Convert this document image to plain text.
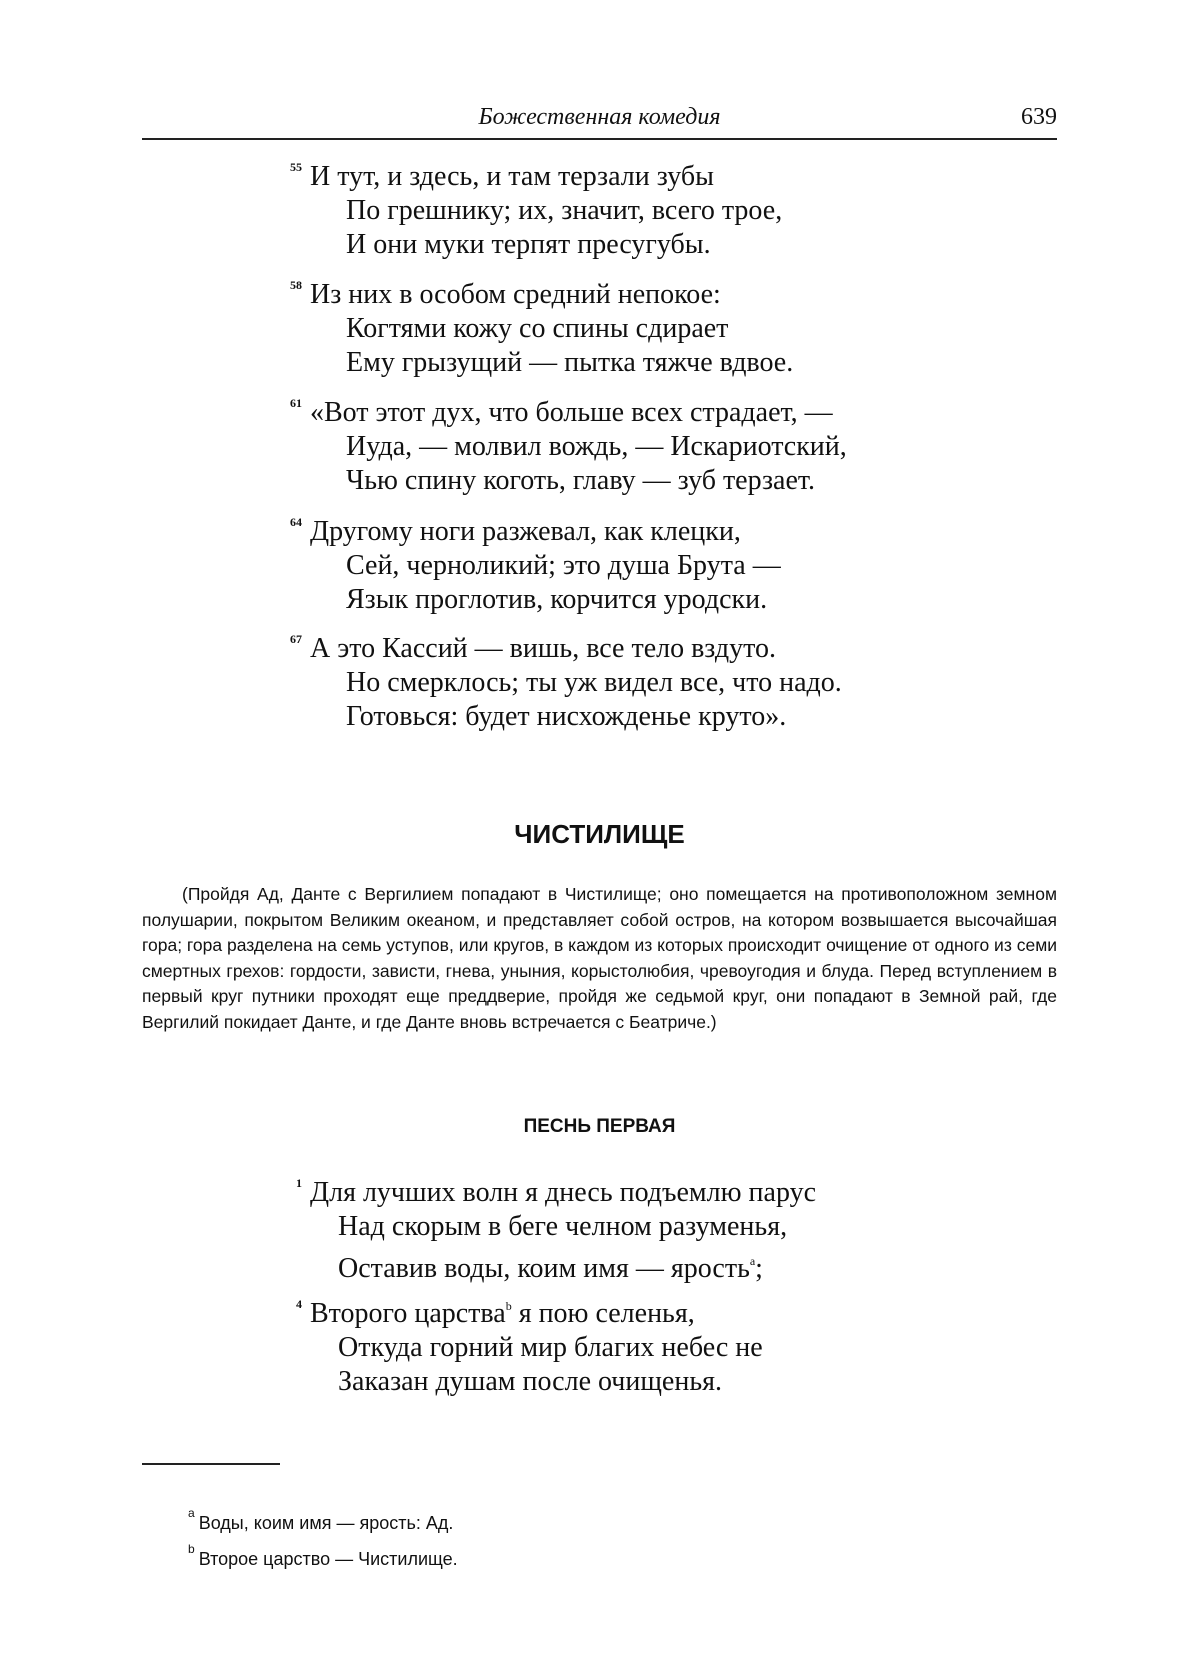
Божественная комедия	639
$^{55}$ И тут, и здесь, и там терзали зубы
По грешнику; их, значит, всего трое,
И они муки терпят пресугубы.
$^{58}$ Из них в особом средний непокое:
Когтями кожу со спины сдирает
Ему грызущий — пытка тяжче вдвое.
$^{61}$ «Вот этот дух, что больше всех страдает, —
Иуда, — молвил вождь, — Искариотский,
Чью спину коготь, главу — зуб терзает.
$^{64}$ Другому ноги разжевал, как клецки,
Сей, черноликий; это душа Брута —
Язык проглотив, корчится уродски.
$^{67}$ А это Кассий — вишь, все тело вздуто.
Но смерклось; ты уж видел все, что надо.
Готовься: будет нисхожденье круто».
ЧИСТИЛИЩЕ
(Пройдя Ад, Данте с Вергилием попадают в Чистилище; оно помещается на противоположном земном полушарии, покрытом Великим океаном, и представляет собой остров, на котором возвышается высочайшая гора; гора разделена на семь уступов, или кругов, в каждом из которых происходит очищение от одного из семи смертных грехов: гордости, зависти, гнева, уныния, корыстолюбия, чревоугодия и блуда. Перед вступлением в первый круг путники проходят еще преддверие, пройдя же седьмой круг, они попадают в Земной рай, где Вергилий покидает Данте, и где Данте вновь встречается с Беатриче.)
ПЕСНЬ ПЕРВАЯ
$^1$ Для лучших волн я днесь подъемлю парус
Над скорым в беге челном разуменья,
Оставив воды, коим имя — ярость$^a$;
$^4$ Второго царства$^b$ я пою селенья,
Откуда горний мир благих небес не
Заказан душам после очищенья.
$^a$ Воды, коим имя — ярость: Ад.
$^b$ Второе царство — Чистилище.
